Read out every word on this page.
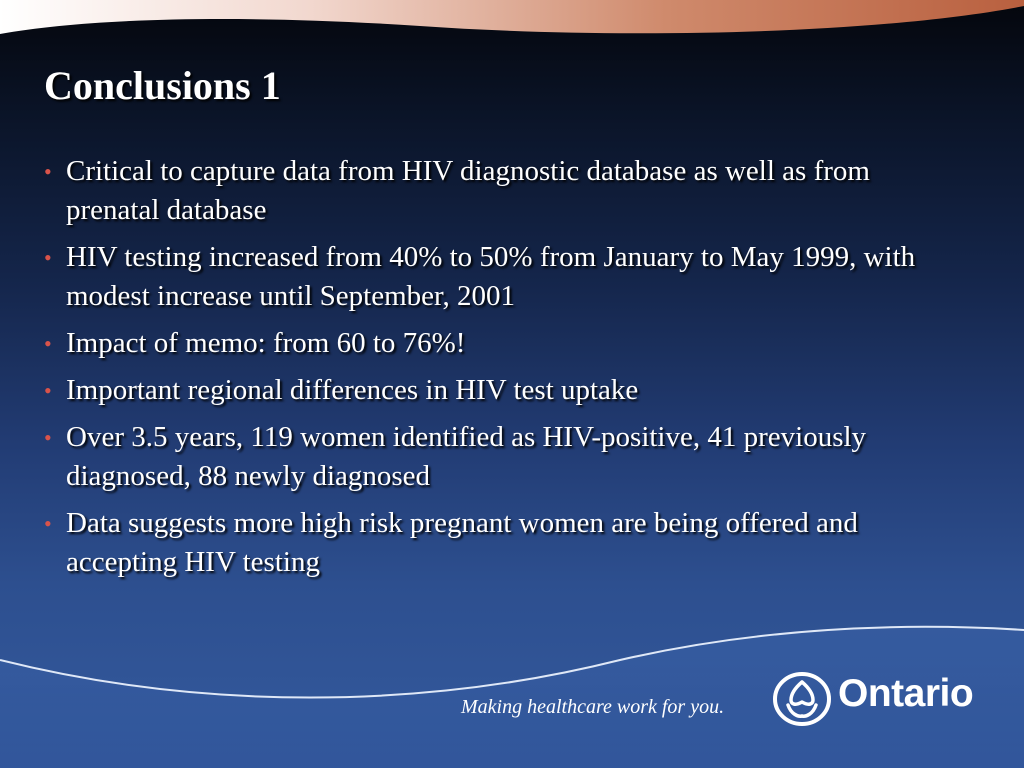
Conclusions 1
• Critical to capture data from HIV diagnostic database as well as from prenatal database
• HIV testing increased from 40% to 50% from January to May 1999, with modest increase until September, 2001
• Impact of memo: from 60 to 76%!
• Important regional differences in HIV test uptake
• Over 3.5 years, 119 women identified as HIV-positive, 41 previously diagnosed, 88 newly diagnosed
• Data suggests more high risk pregnant women are being offered and accepting HIV testing
Making healthcare work for you.	Ontario
